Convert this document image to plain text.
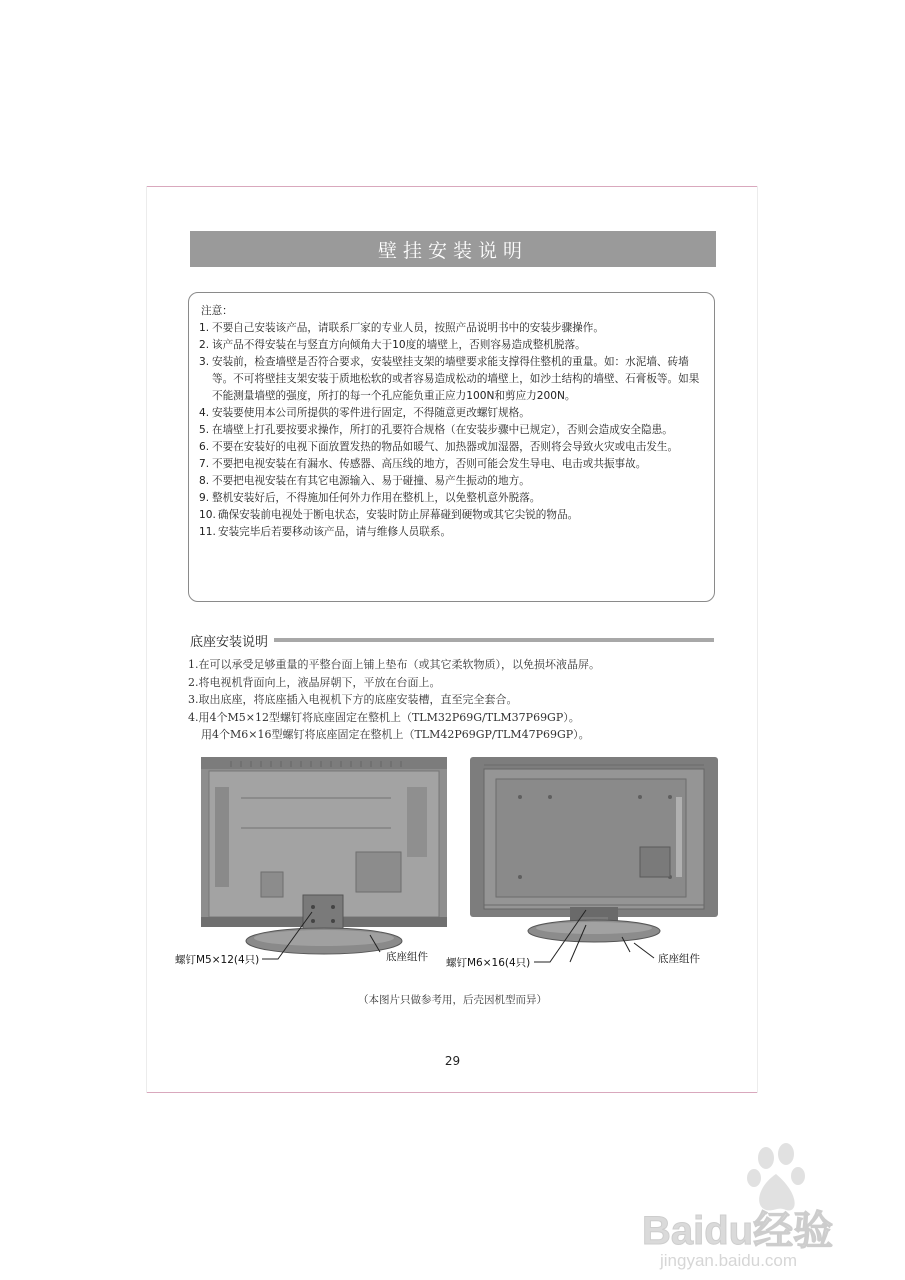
壁挂安装说明
注意：
1. 不要自己安装该产品，请联系厂家的专业人员，按照产品说明书中的安装步骤操作。
2. 该产品不得安装在与竖直方向倾角大于10度的墙壁上，否则容易造成整机脱落。
3. 安装前，检查墙壁是否符合要求，安装壁挂支架的墙壁要求能支撑得住整机的重量。如：水泥墙、砖墙等。不可将壁挂支架安装于质地松软的或者容易造成松动的墙壁上，如沙土结构的墙壁、石膏板等。如果不能测量墙壁的强度，所打的每一个孔应能负重正应力100N和剪应力200N。
4. 安装要使用本公司所提供的零件进行固定，不得随意更改螺钉规格。
5. 在墙壁上打孔要按要求操作，所打的孔要符合规格（在安装步骤中已规定），否则会造成安全隐患。
6. 不要在安装好的电视下面放置发热的物品如暖气、加热器或加湿器，否则将会导致火灾或电击发生。
7. 不要把电视安装在有漏水、传感器、高压线的地方，否则可能会发生导电、电击或共振事故。
8. 不要把电视安装在有其它电源输入、易于碰撞、易产生振动的地方。
9. 整机安装好后，不得施加任何外力作用在整机上，以免整机意外脱落。
10. 确保安装前电视处于断电状态，安装时防止屏幕碰到硬物或其它尖锐的物品。
11. 安装完毕后若要移动该产品，请与维修人员联系。
底座安装说明
1.在可以承受足够重量的平整台面上铺上垫布（或其它柔软物质），以免损坏液晶屏。
2.将电视机背面向上，液晶屏朝下，平放在台面上。
3.取出底座，将底座插入电视机下方的底座安装槽，直至完全套合。
4.用4个M5×12型螺钉将底座固定在整机上（TLM32P69G/TLM37P69GP）。
用4个M6×16型螺钉将底座固定在整机上（TLM42P69GP/TLM47P69GP）。
螺钉M5×12(4只)	底座组件 螺钉M6×16(4只)	底座组件
（本图片只做参考用，后壳因机型而异）
29
Baidu经验
jingyan.baidu.com
